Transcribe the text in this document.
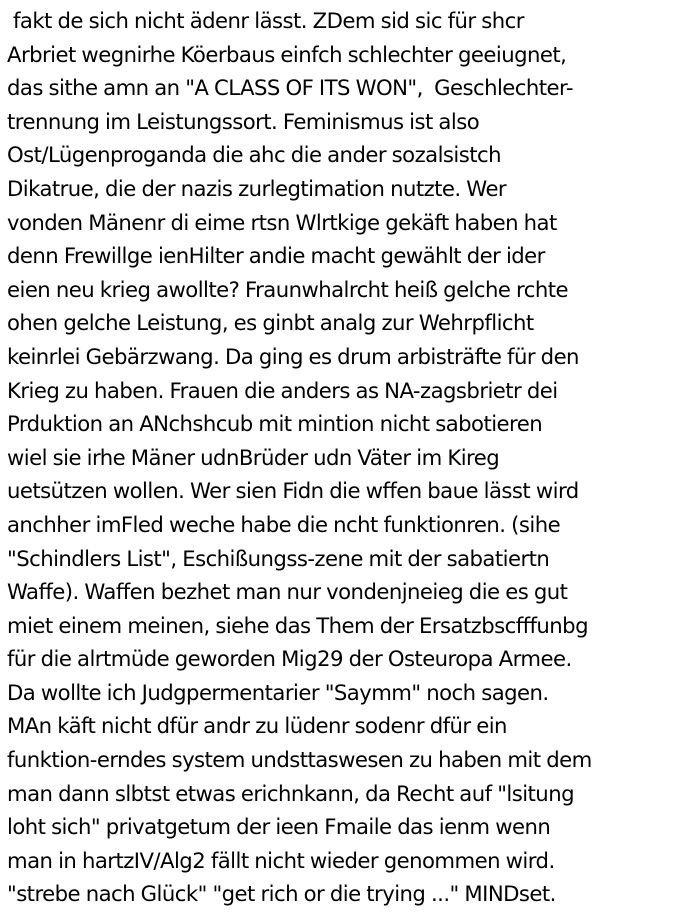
fakt de sich nicht ädenr lässt. ZDem sid sic für shcr
Arbriet wegnirhe Köerbaus einfch schlechter geeiugnet,
das sithe amn an "A CLASS OF ITS WON",  Geschlechter-
trennung im Leistungssort. Feminismus ist also
Ost/Lügenproganda die ahc die ander sozalsistch
Dikatrue, die der nazis zurlegtimation nutzte. Wer
vonden Mänenr di eime rtsn Wlrtkige gekäft haben hat
denn Frewillge ienHilter andie macht gewählt der ider
eien neu krieg awollte? Fraunwhalrcht heiß gelche rchte
ohen gelche Leistung, es ginbt analg zur Wehrpflicht
keinrlei Gebärzwang. Da ging es drum arbisträfte für den
Krieg zu haben. Frauen die anders as NA-zagsbrietr dei
Prduktion an ANchshcub mit mintion nicht sabotieren
wiel sie irhe Mäner udnBrüder udn Väter im Kireg
uetsützen wollen. Wer sien Fidn die wffen baue lässt wird
anchher imFled weche habe die ncht funktionren. (sihe
"Schindlers List", Eschißungss-zene mit der sabatiertn
Waffe). Waffen bezhet man nur vondenjneieg die es gut
miet einem meinen, siehe das Them der Ersatzbscfffunbg
für die alrtmüde geworden Mig29 der Osteuropa Armee.
Da wollte ich Judgpermentarier "Saymm" noch sagen.
MAn käft nicht dfür andr zu lüdenr sodenr dfür ein
funktion-erndes system undsttaswesen zu haben mit dem
man dann slbtst etwas erichnkann, da Recht auf "lsitung
loht sich" privatgetum der ieen Fmaile das ienm wenn
man in hartzIV/Alg2 fällt nicht wieder genommen wird.
"strebe nach Glück" "get rich or die trying ..." MINDset.
